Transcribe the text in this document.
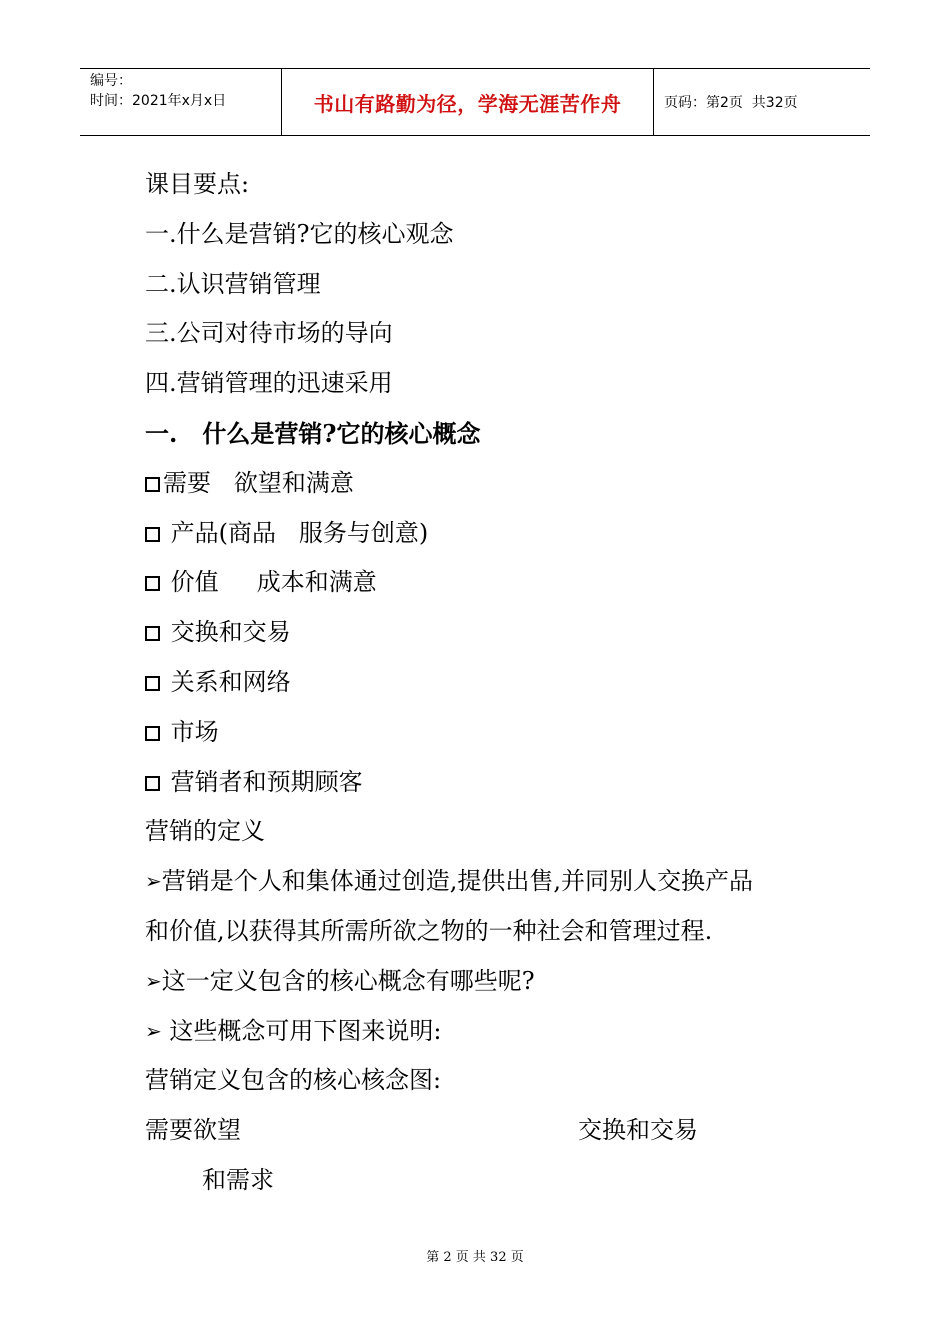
编号：
时间：2021年x月x日	书山有路勤为径，学海无涯苦作舟	页码：第2页  共32页
课目要点:
一.什么是营销?它的核心观念
二.认识营销管理
三.公司对待市场的导向
四.营销管理的迅速采用
一.   什么是营销?它的核心概念
需要   欲望和满意
产品(商品   服务与创意)
价值     成本和满意
交换和交易
关系和网络
市场
营销者和预期顾客
营销的定义
➢营销是个人和集体通过创造,提供出售,并同别人交换产品
和价值,以获得其所需所欲之物的一种社会和管理过程.
➢这一定义包含的核心概念有哪些呢?
➢ 这些概念可用下图来说明:
营销定义包含的核心核念图:
需要欲望	交换和交易
和需求
第 2 页 共 32 页
